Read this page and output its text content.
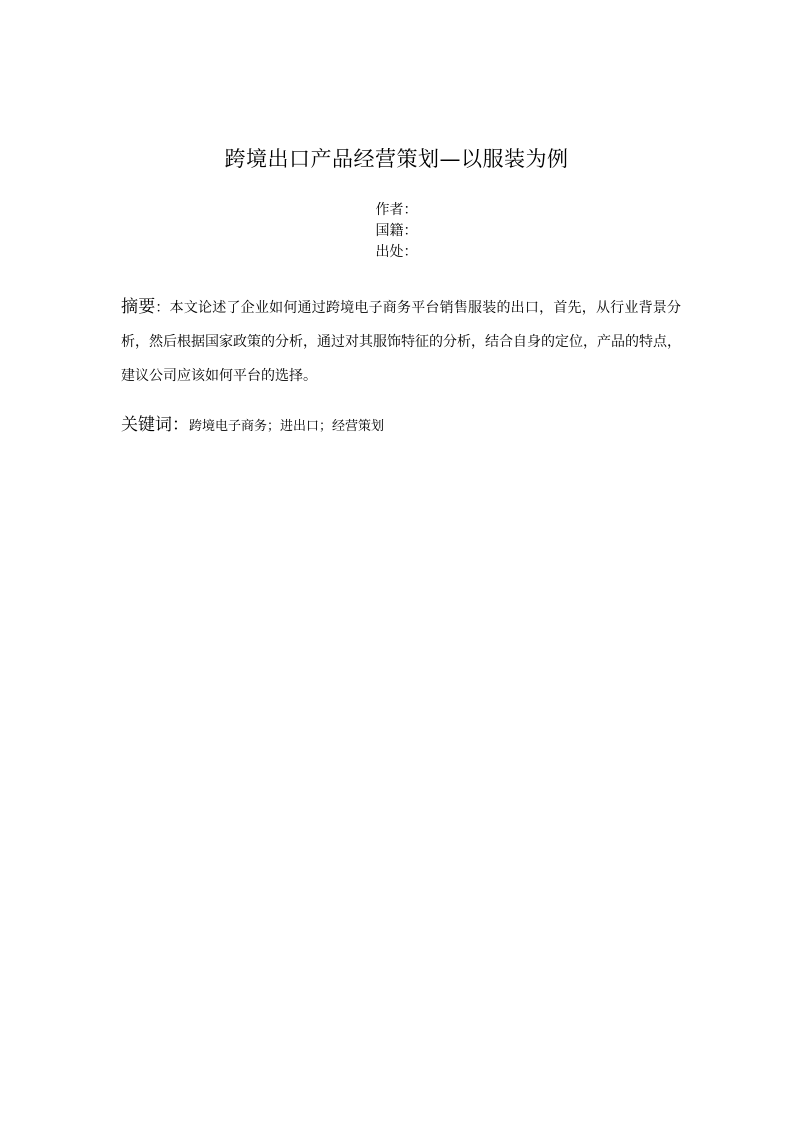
跨境出口产品经营策划—以服装为例
作者：
国籍：
出处：
摘要：本文论述了企业如何通过跨境电子商务平台销售服装的出口，首先，从行业背景分析，然后根据国家政策的分析，通过对其服饰特征的分析，结合自身的定位，产品的特点，建议公司应该如何平台的选择。
关键词：跨境电子商务；进出口；经营策划
